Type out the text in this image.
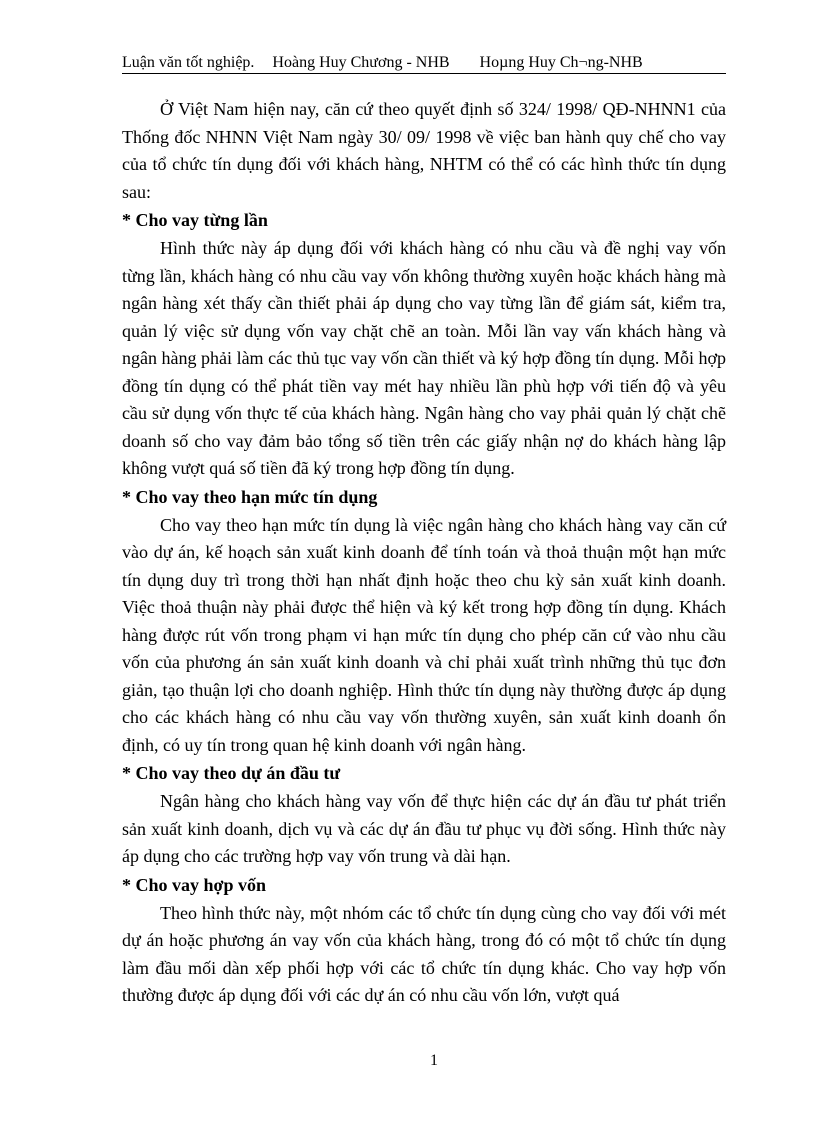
Luận văn tốt nghiệp. Hoàng Huy Chương - NHB Hoµng Huy Ch¬ng-NHB

Ở Việt Nam hiện nay, căn cứ theo quyết định số 324/ 1998/ QĐ-NHNN1 của Thống đốc NHNN Việt Nam ngày 30/ 09/ 1998 về việc ban hành quy chế cho vay của tổ chức tín dụng đối với khách hàng, NHTM có thể có các hình thức tín dụng sau:

* Cho vay từng lần

Hình thức này áp dụng đối với khách hàng có nhu cầu và đề nghị vay vốn từng lần, khách hàng có nhu cầu vay vốn không thường xuyên hoặc khách hàng mà ngân hàng xét thấy cần thiết phải áp dụng cho vay từng lần để giám sát, kiểm tra, quản lý việc sử dụng vốn vay chặt chẽ an toàn. Mỗi lần vay vấn khách hàng và ngân hàng phải làm các thủ tục vay vốn cần thiết và ký hợp đồng tín dụng. Mỗi hợp đồng tín dụng có thể phát tiền vay mét hay nhiều lần phù hợp với tiến độ và yêu cầu sử dụng vốn thực tế của khách hàng. Ngân hàng cho vay phải quản lý chặt chẽ doanh số cho vay đảm bảo tổng số tiền trên các giấy nhận nợ do khách hàng lập không vượt quá số tiền đã ký trong hợp đồng tín dụng.

* Cho vay theo hạn mức tín dụng

Cho vay theo hạn mức tín dụng là việc ngân hàng cho khách hàng vay căn cứ vào dự án, kế hoạch sản xuất kinh doanh để tính toán và thoả thuận một hạn mức tín dụng duy trì trong thời hạn nhất định hoặc theo chu kỳ sản xuất kinh doanh. Việc thoả thuận này phải được thể hiện và ký kết trong hợp đồng tín dụng. Khách hàng được rút vốn trong phạm vi hạn mức tín dụng cho phép căn cứ vào nhu cầu vốn của phương án sản xuất kinh doanh và chỉ phải xuất trình những thủ tục đơn giản, tạo thuận lợi cho doanh nghiệp. Hình thức tín dụng này thường được áp dụng cho các khách hàng có nhu cầu vay vốn thường xuyên, sản xuất kinh doanh ổn định, có uy tín trong quan hệ kinh doanh với ngân hàng.

* Cho vay theo dự án đầu tư

Ngân hàng cho khách hàng vay vốn để thực hiện các dự án đầu tư phát triển sản xuất kinh doanh, dịch vụ và các dự án đầu tư phục vụ đời sống. Hình thức này áp dụng cho các trường hợp vay vốn trung và dài hạn.

* Cho vay hợp vốn

Theo hình thức này, một nhóm các tổ chức tín dụng cùng cho vay đối với mét dự án hoặc phương án vay vốn của khách hàng, trong đó có một tổ chức tín dụng làm đầu mối dàn xếp phối hợp với các tổ chức tín dụng khác. Cho vay hợp vốn thường được áp dụng đối với các dự án có nhu cầu vốn lớn, vượt quá

1
